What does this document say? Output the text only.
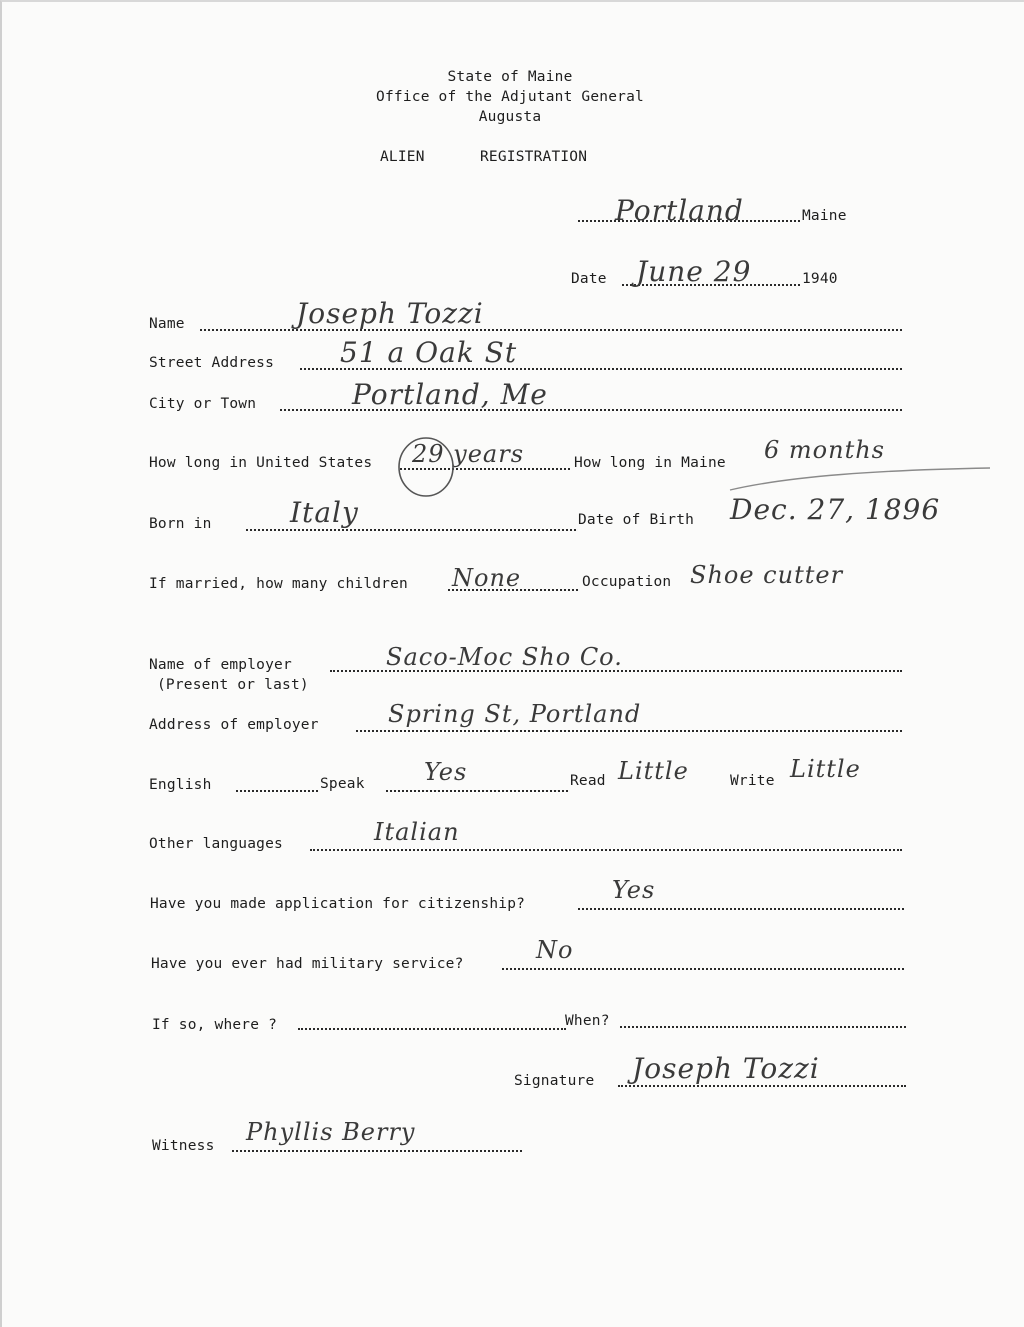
State of Maine
Office of the Adjutant General
Augusta
ALIEN	REGISTRATION
Portland	Maine
Date June 29	1940
Name	Joseph Tozzi
Street Address 51 a Oak St
City or Town	Portland, Me
How long in United States 29 years	How long in Maine 6 months
Born in	Italy	Date of Birth Dec. 27, 1896
If married, how many children None	Occupation Shoe cutter
Name of employer
(Present or last)
Saco-Moc Sho Co.
Address of employer	Spring St, Portland
English	Speak Yes	Read Little	Write Little
Other languages	Italian
Have you made application for citizenship?	Yes
Have you ever had military service?	No
If so, where ?	When?
Signature Joseph Tozzi
Witness Phyllis Berry
